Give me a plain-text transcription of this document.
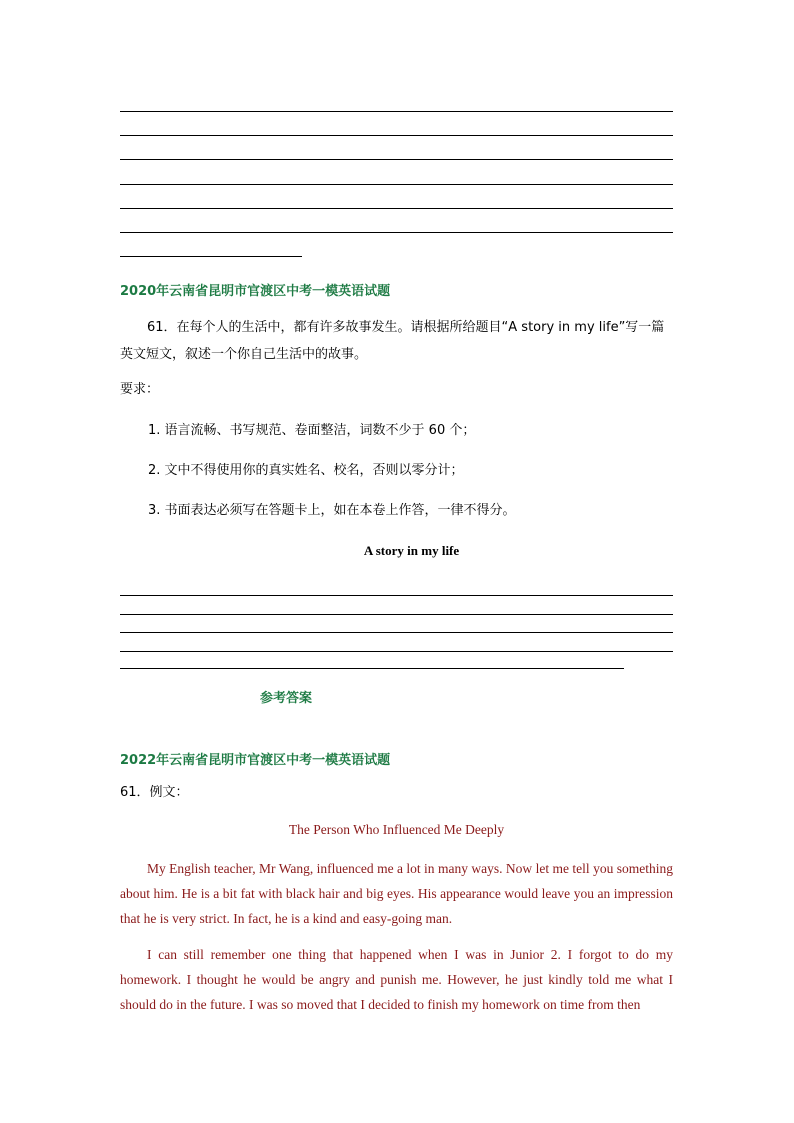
2020年云南省昆明市官渡区中考一模英语试题
61．在每个人的生活中，都有许多故事发生。请根据所给题目“A story in my life”写一篇英文短文，叙述一个你自己生活中的故事。
要求：
1. 语言流畅、书写规范、卷面整洁，词数不少于 60 个；
2. 文中不得使用你的真实姓名、校名，否则以零分计；
3. 书面表达必须写在答题卡上，如在本卷上作答，一律不得分。
A story in my life
参考答案
2022年云南省昆明市官渡区中考一模英语试题
61．例文：
The Person Who Influenced Me Deeply
My English teacher, Mr Wang, influenced me a lot in many ways. Now let me tell you something about him. He is a bit fat with black hair and big eyes. His appearance would leave you an impression that he is very strict. In fact, he is a kind and easy-going man.
I can still remember one thing that happened when I was in Junior 2. I forgot to do my homework. I thought he would be angry and punish me. However, he just kindly told me what I should do in the future. I was so moved that I decided to finish my homework on time from then
